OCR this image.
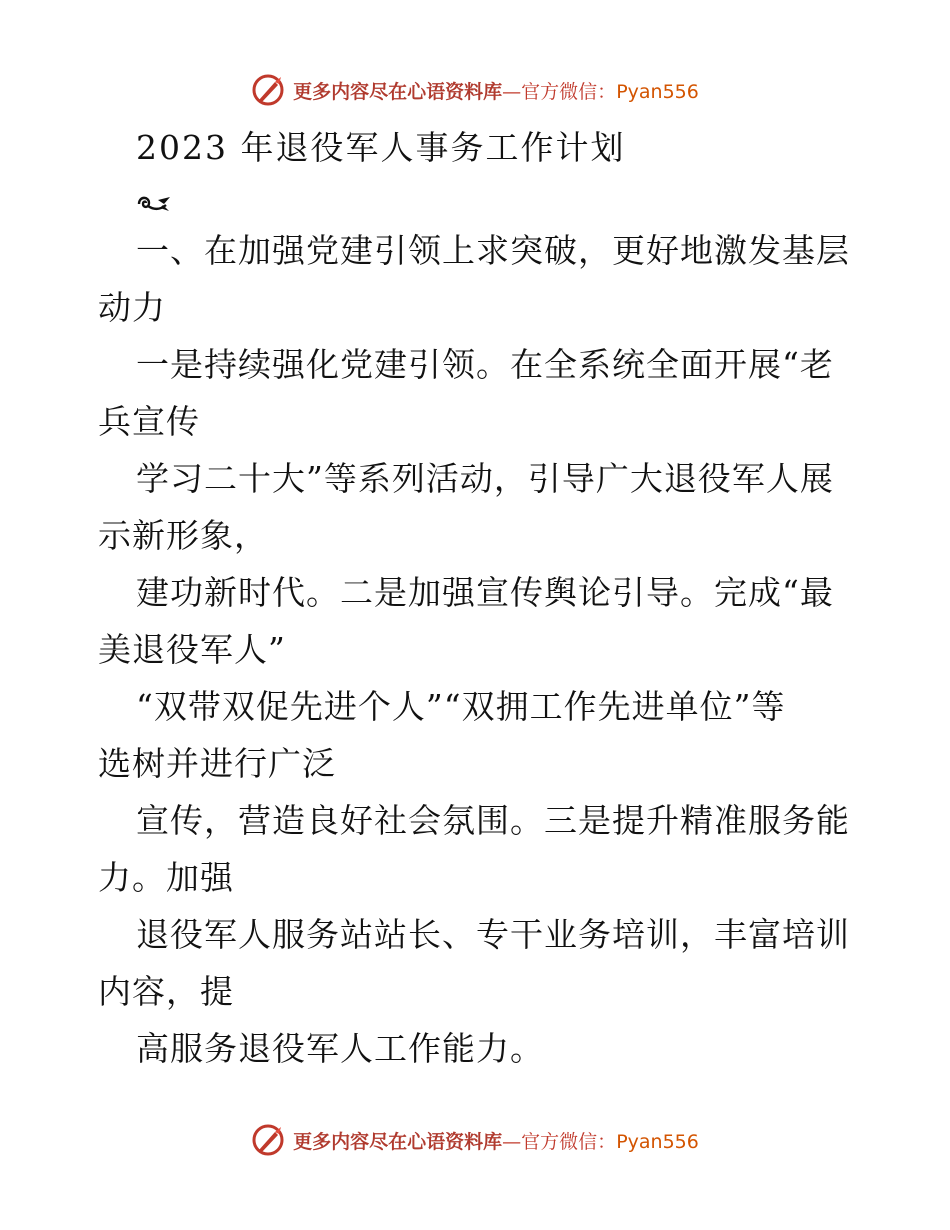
更多内容尽在心语资料库—官方微信：Pyan556
2023 年退役军人事务工作计划

一、在加强党建引领上求突破，更好地激发基层
动力

一是持续强化党建引领。在全系统全面开展“老
兵宣传

学习二十大”等系列活动，引导广大退役军人展
示新形象，

建功新时代。二是加强宣传舆论引导。完成“最
美退役军人”

“双带双促先进个人”“双拥工作先进单位”等
选树并进行广泛

宣传，营造良好社会氛围。三是提升精准服务能
力。加强

退役军人服务站站长、专干业务培训，丰富培训
内容，提

高服务退役军人工作能力。

更多内容尽在心语资料库—官方微信：Pyan556
